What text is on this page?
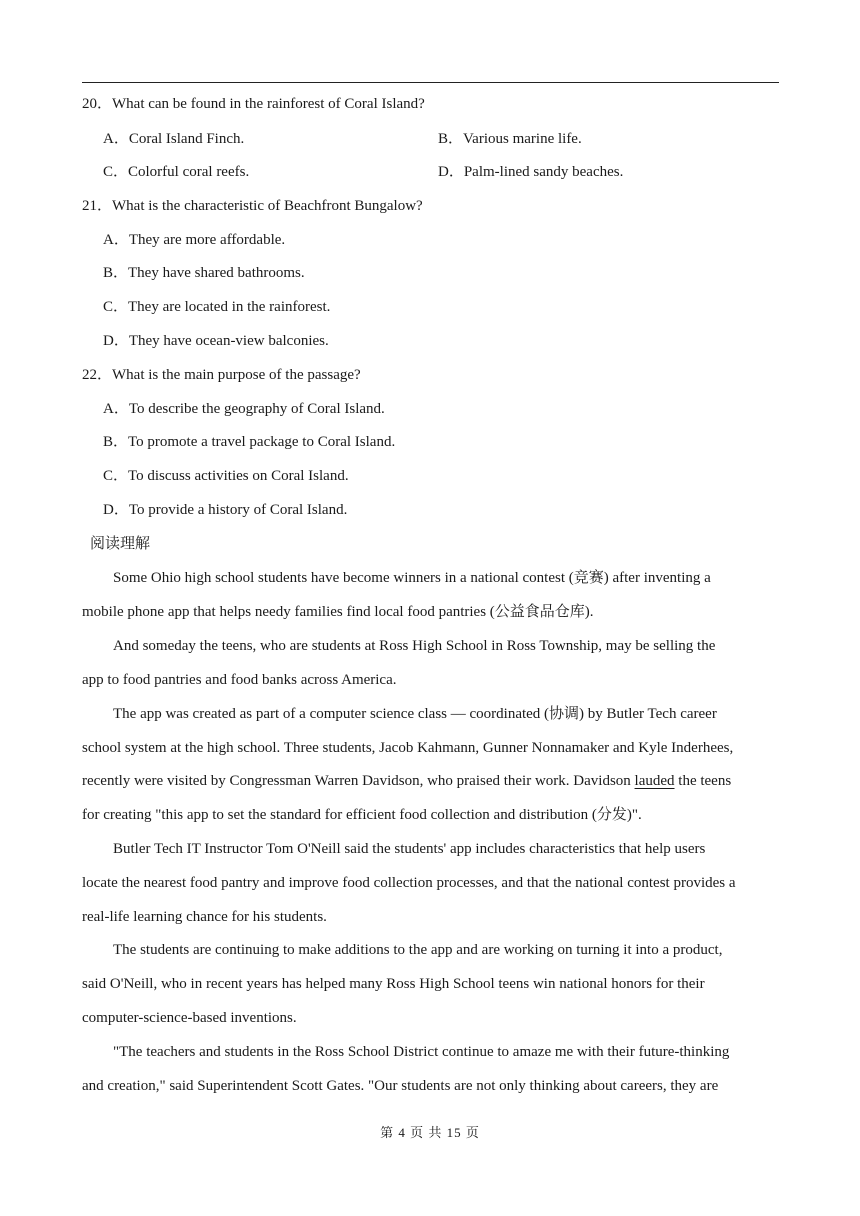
20．What can be found in the rainforest of Coral Island?
A．Coral Island Finch.	B．Various marine life.
C．Colorful coral reefs.	D．Palm-lined sandy beaches.
21．What is the characteristic of Beachfront Bungalow?
A．They are more affordable.
B．They have shared bathrooms.
C．They are located in the rainforest.
D．They have ocean-view balconies.
22．What is the main purpose of the passage?
A．To describe the geography of Coral Island.
B．To promote a travel package to Coral Island.
C．To discuss activities on Coral Island.
D．To provide a history of Coral Island.
阅读理解
Some Ohio high school students have become winners in a national contest (竞赛) after inventing a
mobile phone app that helps needy families find local food pantries (公益食品仓库).
And someday the teens, who are students at Ross High School in Ross Township, may be selling the
app to food pantries and food banks across America.
The app was created as part of a computer science class — coordinated (协调) by Butler Tech career
school system at the high school. Three students, Jacob Kahmann, Gunner Nonnamaker and Kyle Inderhees,
recently were visited by Congressman Warren Davidson, who praised their work. Davidson lauded the teens
for creating "this app to set the standard for efficient food collection and distribution (分发)".
Butler Tech IT Instructor Tom O'Neill said the students' app includes characteristics that help users
locate the nearest food pantry and improve food collection processes, and that the national contest provides a
real-life learning chance for his students.
The students are continuing to make additions to the app and are working on turning it into a product,
said O'Neill, who in recent years has helped many Ross High School teens win national honors for their
computer-science-based inventions.
"The teachers and students in the Ross School District continue to amaze me with their future-thinking
and creation," said Superintendent Scott Gates. "Our students are not only thinking about careers, they are
第 4 页 共 15 页
